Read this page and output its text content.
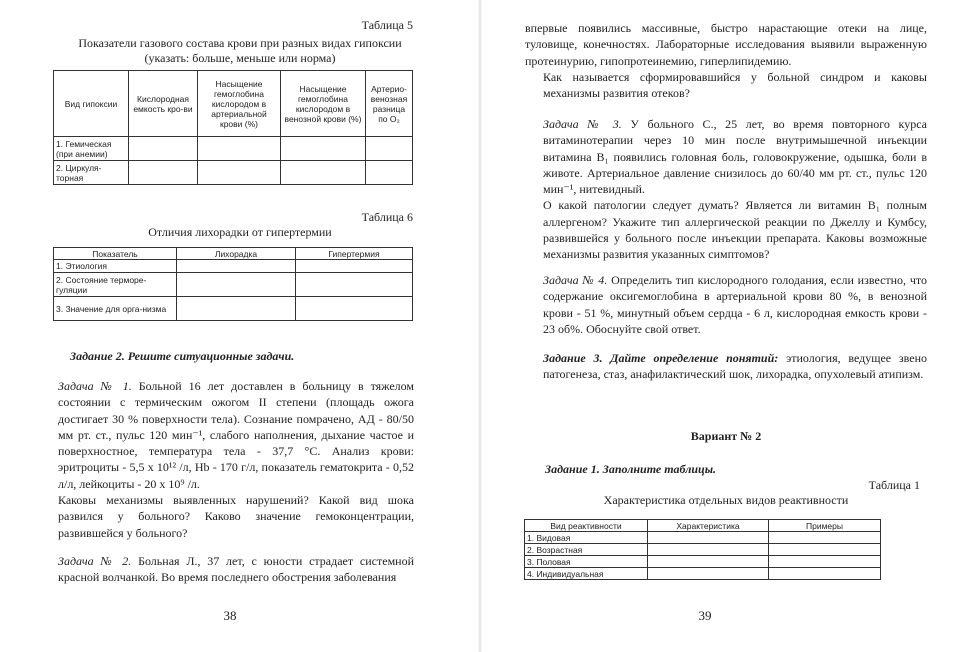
Таблица 5
Показатели газового состава крови при разных видах гипоксии
(указать: больше, меньше или норма)
Вид гипоксии	Кислородная емкость кро-ви	Насыщение гемоглобина кислородом в артериальной крови (%)	Насыщение гемоглобина кислородом в венозной крови (%)	Артерио-венозная разница по О₂
1. Гемическая (при анемии)				
2. Циркуля-торная				
Таблица 6
Отличия лихорадки от гипертермии
Показатель	Лихорадка	Гипертермия
1. Этиология		
2. Состояние терморе-гуляции		
3. Значение для орга-низма		
Задание 2. Решите ситуационные задачи.
Задача № 1. Больной 16 лет доставлен в больницу в тяжелом состоянии с термическим ожогом II степени (площадь ожога достигает 30 % поверхности тела). Сознание помрачено, АД - 80/50 мм рт. ст., пульс 120 мин⁻¹, слабого наполнения, дыхание частое и поверхностное, температура тела - 37,7 °С. Анализ крови: эритроциты - 5,5 х 10¹² /л, Hb - 170 г/л, показатель гематокрита - 0,52 л/л, лейкоциты - 20 х 10⁹ /л.
Каковы механизмы выявленных нарушений? Какой вид шока развился у больного? Каково значение гемоконцентрации, развившейся у больного?
Задача № 2. Больная Л., 37 лет, с юности страдает системной красной волчанкой. Во время последнего обострения заболевания
38
впервые появились массивные, быстро нарастающие отеки на лице, туловище, конечностях. Лабораторные исследования выявили выраженную протеинурию, гипопротеинемию, гиперлипидемию.
Как называется сформировавшийся у больной синдром и каковы механизмы развития отеков?
Задача № 3. У больного С., 25 лет, во время повторного курса витаминотерапии через 10 мин после внутримышечной инъекции витамина В₁ появились головная боль, головокружение, одышка, боли в животе. Артериальное давление снизилось до 60/40 мм рт. ст., пульс 120 мин⁻¹, нитевидный.
О какой патологии следует думать? Является ли витамин В₁ полным аллергеном? Укажите тип аллергической реакции по Джеллу и Кумбсу, развившейся у больного после инъекции препарата. Каковы возможные механизмы развития указанных симптомов?
Задача № 4. Определить тип кислородного голодания, если известно, что содержание оксигемоглобина в артериальной крови 80 %, в венозной крови - 51 %, минутный объем сердца - 6 л, кислородная емкость крови - 23 об%. Обоснуйте свой ответ.
Задание 3. Дайте определение понятий: этиология, ведущее звено патогенеза, стаз, анафилактический шок, лихорадка, опухолевый атипизм.
Вариант № 2
Задание 1. Заполните таблицы.
Таблица 1
Характеристика отдельных видов реактивности
Вид реактивности	Характеристика	Примеры
1. Видовая		
2. Возрастная		
3. Половая		
4. Индивидуальная		
39
